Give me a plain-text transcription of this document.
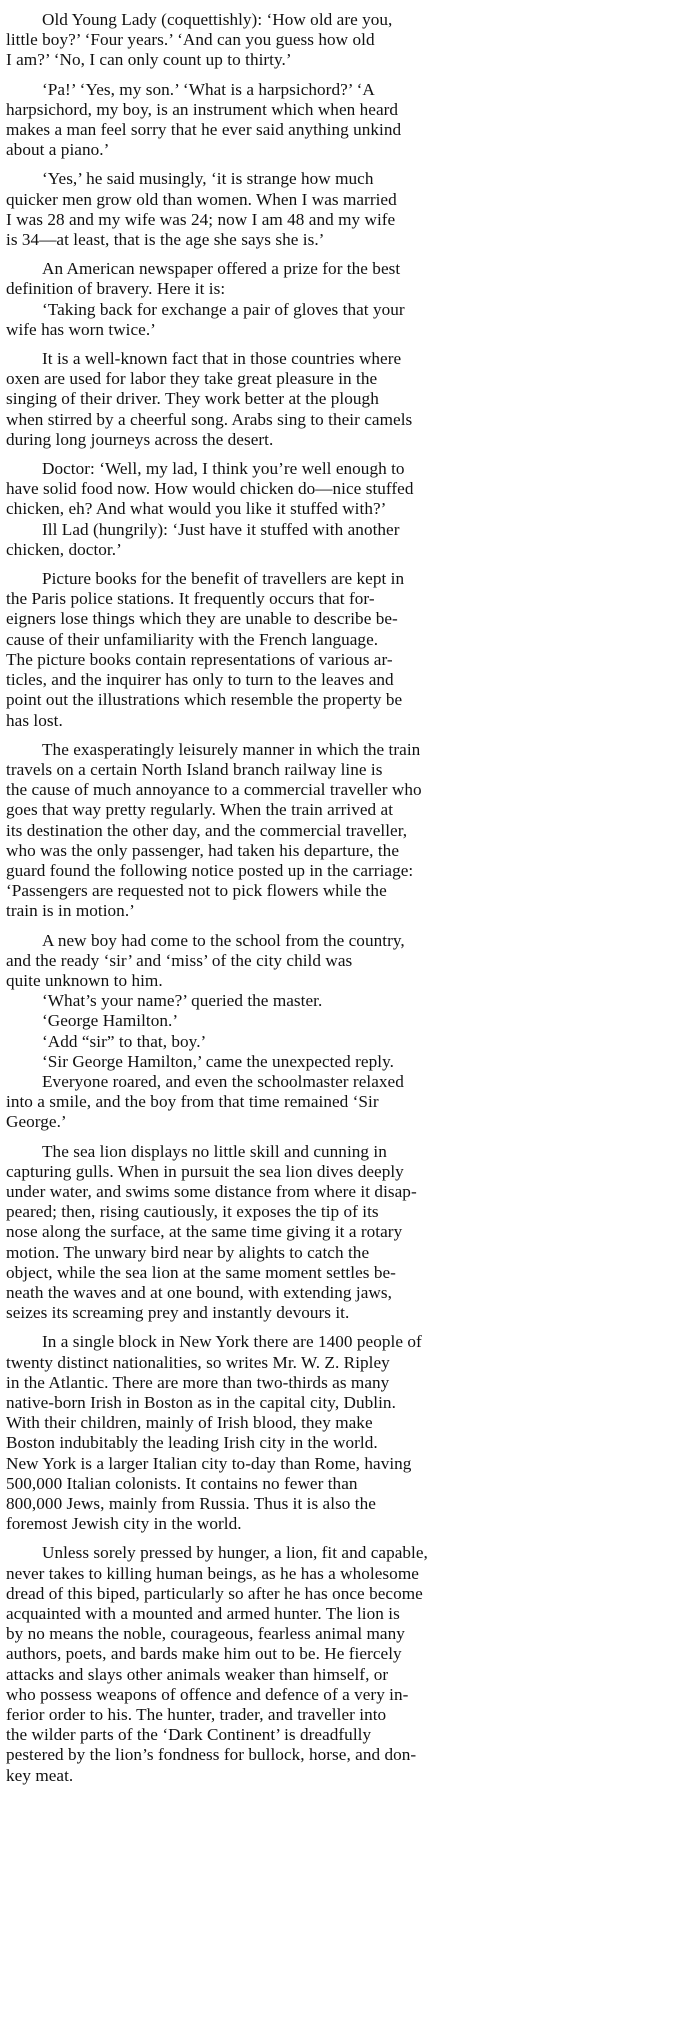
Old Young Lady (coquettishly): ‘How old are you,
little boy?’ ‘Four years.’ ‘And can you guess how old
I am?’ ‘No, I can only count up to thirty.’
‘Pa!’ ‘Yes, my son.’ ‘What is a harpsichord?’ ‘A
harpsichord, my boy, is an instrument which when heard
makes a man feel sorry that he ever said anything unkind
about a piano.’
‘Yes,’ he said musingly, ‘it is strange how much
quicker men grow old than women. When I was married
I was 28 and my wife was 24; now I am 48 and my wife
is 34—at least, that is the age she says she is.’
An American newspaper offered a prize for the best
definition of bravery. Here it is:
‘Taking back for exchange a pair of gloves that your
wife has worn twice.’
It is a well-known fact that in those countries where
oxen are used for labor they take great pleasure in the
singing of their driver. They work better at the plough
when stirred by a cheerful song. Arabs sing to their camels
during long journeys across the desert.
Doctor: ‘Well, my lad, I think you’re well enough to
have solid food now. How would chicken do—nice stuffed
chicken, eh? And what would you like it stuffed with?’
Ill Lad (hungrily): ‘Just have it stuffed with another
chicken, doctor.’
Picture books for the benefit of travellers are kept in
the Paris police stations. It frequently occurs that for-
eigners lose things which they are unable to describe be-
cause of their unfamiliarity with the French language.
The picture books contain representations of various ar-
ticles, and the inquirer has only to turn to the leaves and
point out the illustrations which resemble the property be
has lost.
The exasperatingly leisurely manner in which the train
travels on a certain North Island branch railway line is
the cause of much annoyance to a commercial traveller who
goes that way pretty regularly. When the train arrived at
its destination the other day, and the commercial traveller,
who was the only passenger, had taken his departure, the
guard found the following notice posted up in the carriage:
‘Passengers are requested not to pick flowers while the
train is in motion.’
A new boy had come to the school from the country,
and the ready ‘sir’ and ‘miss’ of the city child was
quite unknown to him.
‘What’s your name?’ queried the master.
‘George Hamilton.’
‘Add “sir” to that, boy.’
‘Sir George Hamilton,’ came the unexpected reply.
Everyone roared, and even the schoolmaster relaxed
into a smile, and the boy from that time remained ‘Sir
George.’
The sea lion displays no little skill and cunning in
capturing gulls. When in pursuit the sea lion dives deeply
under water, and swims some distance from where it disap-
peared; then, rising cautiously, it exposes the tip of its
nose along the surface, at the same time giving it a rotary
motion. The unwary bird near by alights to catch the
object, while the sea lion at the same moment settles be-
neath the waves and at one bound, with extending jaws,
seizes its screaming prey and instantly devours it.
In a single block in New York there are 1400 people of
twenty distinct nationalities, so writes Mr. W. Z. Ripley
in the Atlantic. There are more than two-thirds as many
native-born Irish in Boston as in the capital city, Dublin.
With their children, mainly of Irish blood, they make
Boston indubitably the leading Irish city in the world.
New York is a larger Italian city to-day than Rome, having
500,000 Italian colonists. It contains no fewer than
800,000 Jews, mainly from Russia. Thus it is also the
foremost Jewish city in the world.
Unless sorely pressed by hunger, a lion, fit and capable,
never takes to killing human beings, as he has a wholesome
dread of this biped, particularly so after he has once become
acquainted with a mounted and armed hunter. The lion is
by no means the noble, courageous, fearless animal many
authors, poets, and bards make him out to be. He fiercely
attacks and slays other animals weaker than himself, or
who possess weapons of offence and defence of a very in-
ferior order to his. The hunter, trader, and traveller into
the wilder parts of the ‘Dark Continent’ is dreadfully
pestered by the lion’s fondness for bullock, horse, and don-
key meat.
